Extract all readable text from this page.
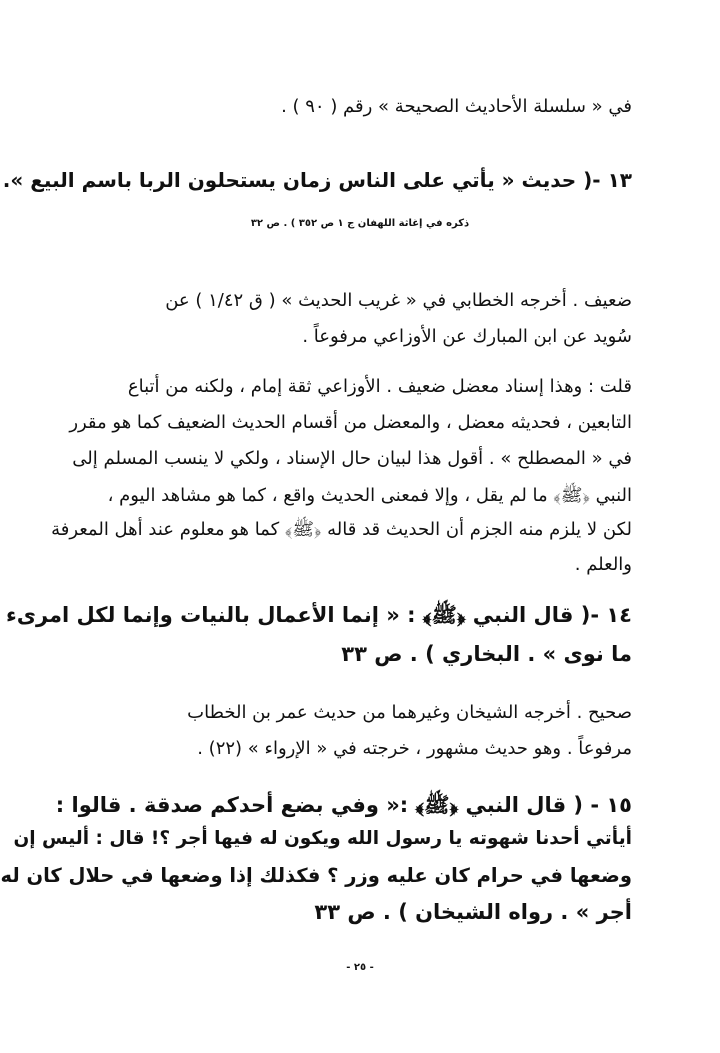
في « سلسلة الأحاديث الصحيحة » رقم ( ٩٠ ) .
١٣ -( حديث « يأتي على الناس زمان يستحلون الربا باسم البيع ».
ذكره في إغاثة اللهفان ج ١ ص ٣٥٢ ) . ص ٣٢
ضعيف . أخرجه الخطابي في « غريب الحديث » ( ق ١/٤٢ ) عن
سُويد عن ابن المبارك عن الأوزاعي مرفوعاً .
قلت : وهذا إسناد معضل ضعيف . الأوزاعي ثقة إمام ، ولكنه من أتباع
التابعين ، فحديثه معضل ، والمعضل من أقسام الحديث الضعيف كما هو مقرر
في « المصطلح » . أقول هذا لبيان حال الإسناد ، ولكي لا ينسب المسلم إلى
النبي ﴿ﷺ﴾ ما لم يقل ، وإلا فمعنى الحديث واقع ، كما هو مشاهد اليوم ،
لكن لا يلزم منه الجزم أن الحديث قد قاله ﴿ﷺ﴾ كما هو معلوم عند أهل المعرفة
والعلم .
١٤ -( قال النبي ﴿ﷺ﴾ : « إنما الأعمال بالنيات وإنما لكل امرىء
ما نوى » . البخاري ) . ص ٣٣
صحيح . أخرجه الشيخان وغيرهما من حديث عمر بن الخطاب
مرفوعاً . وهو حديث مشهور ، خرجته في « الإرواء » (٢٢) .
١٥ - ( قال النبي ﴿ﷺ﴾ :« وفي بضع أحدكم صدقة . قالوا :
أيأتي أحدنا شهوته يا رسول الله ويكون له فيها أجر ؟! قال : أليس إن
وضعها في حرام كان عليه وزر ؟ فكذلك إذا وضعها في حلال كان له
أجر » . رواه الشيخان ) . ص ٣٣
- ٢٥ -
